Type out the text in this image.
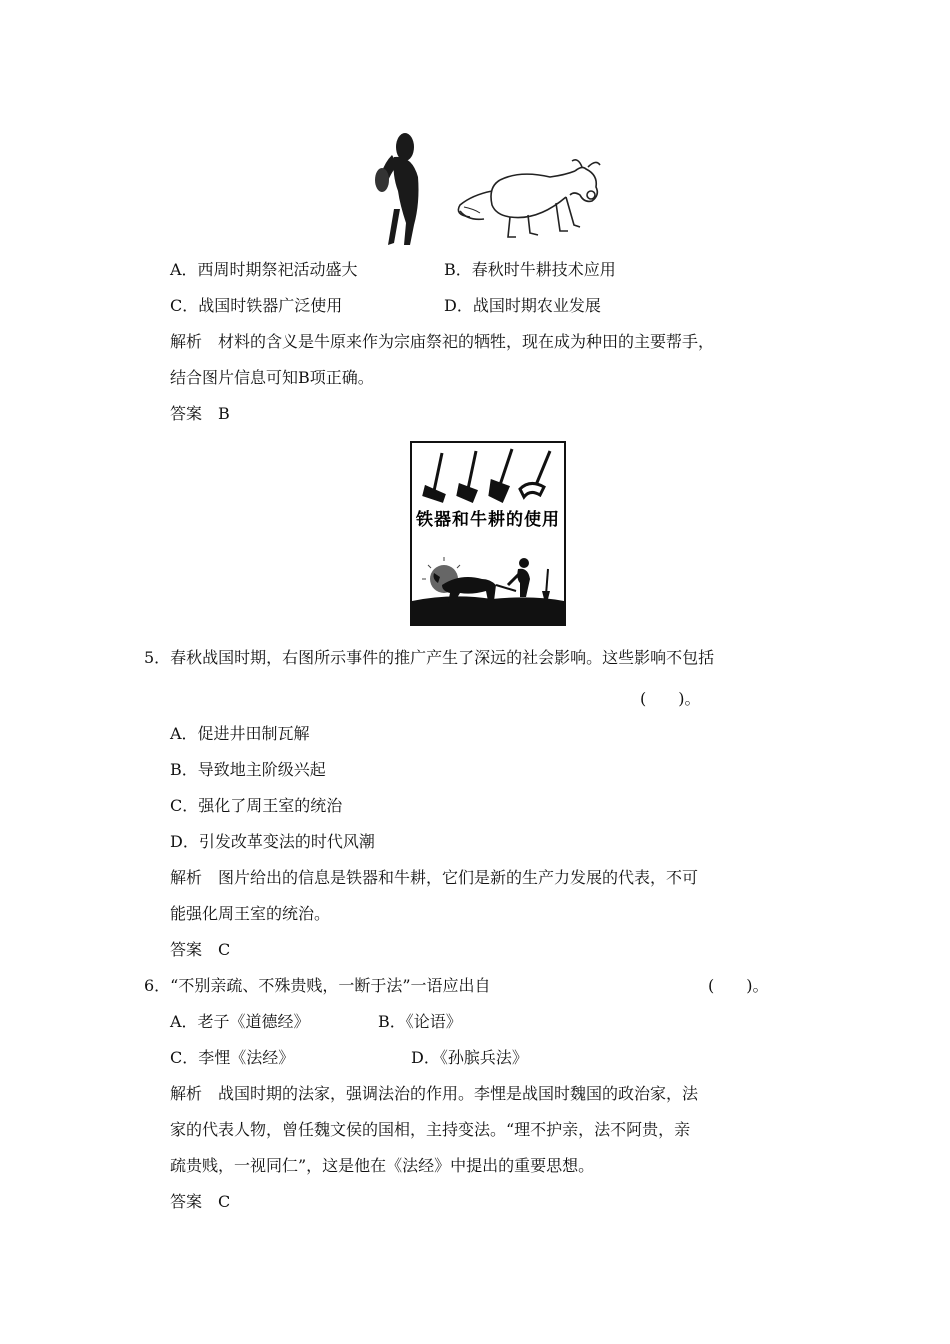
A．西周时期祭祀活动盛大	B．春秋时牛耕技术应用
C．战国时铁器广泛使用	D．战国时期农业发展
解析　材料的含义是牛原来作为宗庙祭祀的牺牲，现在成为种田的主要帮手，
结合图片信息可知B项正确。
答案　B
铁器和牛耕的使用
5．春秋战国时期，右图所示事件的推广产生了深远的社会影响。这些影响不包括
(　　)。
A．促进井田制瓦解
B．导致地主阶级兴起
C．强化了周王室的统治
D．引发改革变法的时代风潮
解析　图片给出的信息是铁器和牛耕，它们是新的生产力发展的代表，不可
能强化周王室的统治。
答案　C
6．“不别亲疏、不殊贵贱，一断于法”一语应出自	(　　)。
A．老子《道德经》	B．《论语》
C．李悝《法经》	D．《孙膑兵法》
解析　战国时期的法家，强调法治的作用。李悝是战国时魏国的政治家，法
家的代表人物，曾任魏文侯的国相，主持变法。“理不护亲，法不阿贵，亲
疏贵贱，一视同仁”，这是他在《法经》中提出的重要思想。
答案　C
